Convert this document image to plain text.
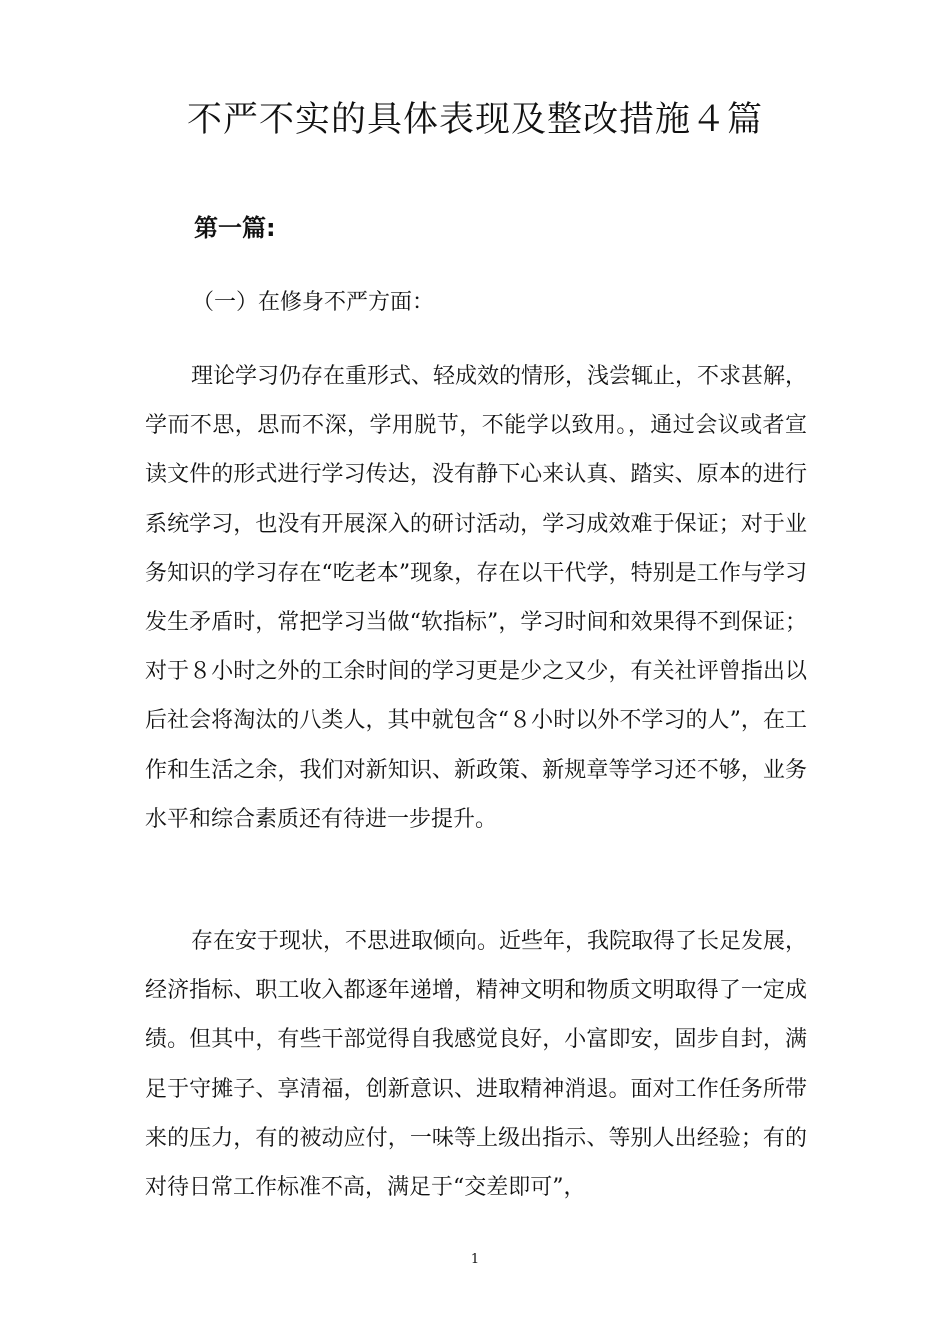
不严不实的具体表现及整改措施４篇
第一篇:

（一）在修身不严方面：

理论学习仍存在重形式、轻成效的情形，浅尝辄止，不求甚解，学而不思，思而不深，学用脱节，不能学以致用。，通过会议或者宣读文件的形式进行学习传达，没有静下心来认真、踏实、原本的进行系统学习，也没有开展深入的研讨活动，学习成效难于保证；对于业务知识的学习存在“吃老本”现象，存在以干代学，特别是工作与学习发生矛盾时，常把学习当做“软指标”，学习时间和效果得不到保证；对于８小时之外的工余时间的学习更是少之又少，有关社评曾指出以后社会将淘汰的八类人，其中就包含“８小时以外不学习的人”，在工作和生活之余，我们对新知识、新政策、新规章等学习还不够，业务水平和综合素质还有待进一步提升。

存在安于现状，不思进取倾向。近些年，我院取得了长足发展，经济指标、职工收入都逐年递增，精神文明和物质文明取得了一定成绩。但其中，有些干部觉得自我感觉良好，小富即安，固步自封，满足于守摊子、享清福，创新意识、进取精神消退。面对工作任务所带来的压力，有的被动应付，一味等上级出指示、等别人出经验；有的对待日常工作标准不高，满足于“交差即可”，

1
